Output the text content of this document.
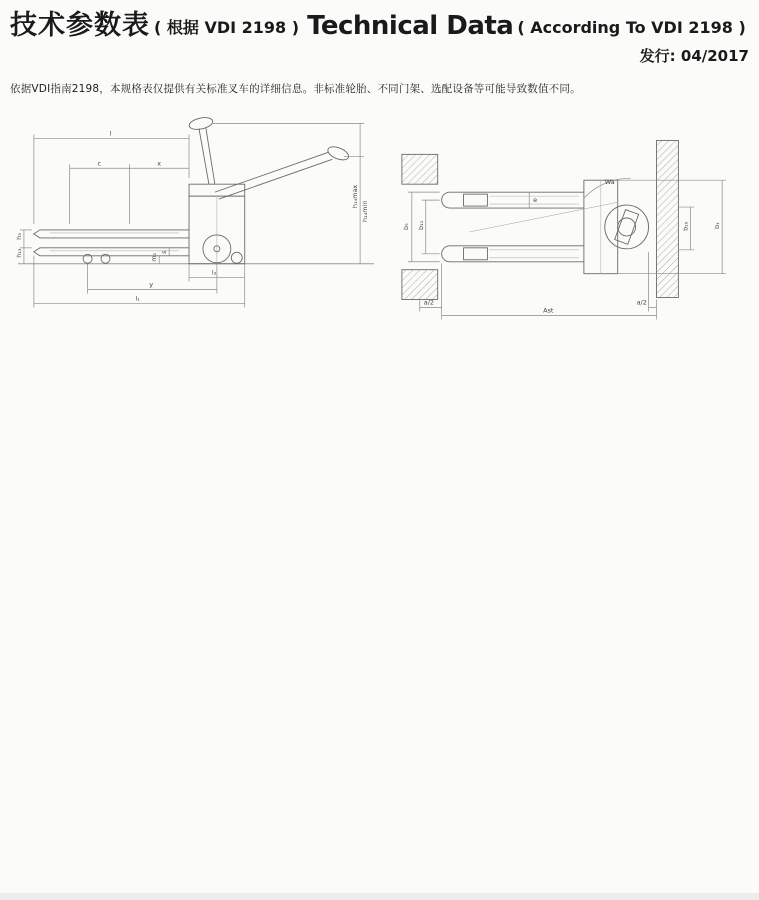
技术参数表 ( 根据 VDI 2198 ) Technical Data ( According To VDI 2198 )
发行: 04/2017
依据VDI指南2198，本规格表仅提供有关标准叉车的详细信息。非标准轮胎、不同门架、选配设备等可能导致数值不同。
l
c	x
h₃
h₁₃	s
m₂
l₂
y
l₁
h₁₄max
h₁₄min
b₅ b₁₁
e
Wa
b₁₀	b₁
a/2	a/2
Ast
